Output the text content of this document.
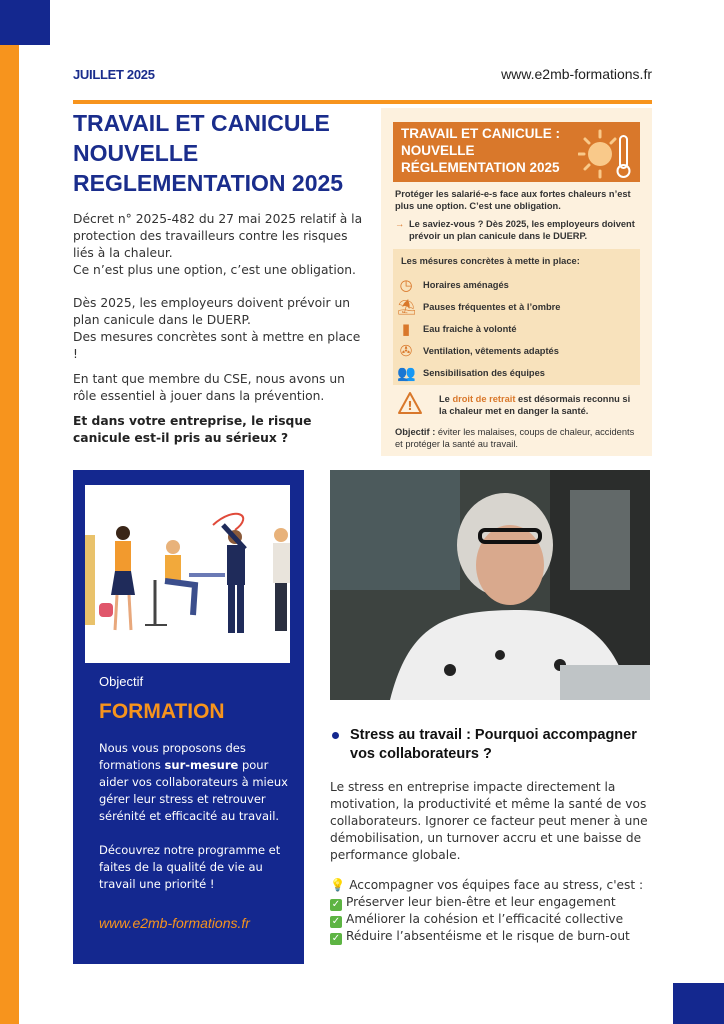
JUILLET 2025	www.e2mb-formations.fr
TRAVAIL ET CANICULE
NOUVELLE
REGLEMENTATION 2025

Décret n° 2025-482 du 27 mai 2025 relatif à la protection des travailleurs contre les risques liés à la chaleur.
Ce n’est plus une option, c’est une obligation.

Dès 2025, les employeurs doivent prévoir un plan canicule dans le DUERP.
Des mesures concrètes sont à mettre en place !

En tant que membre du CSE, nous avons un rôle essentiel à jouer dans la prévention.

Et dans votre entreprise, le risque canicule est-il pris au sérieux ?

TRAVAIL ET CANICULE :
NOUVELLE
RÉGLEMENTATION 2025
Protéger les salarié-e-s face aux fortes chaleurs n’est plus une option. C’est une obligation.
→ Le saviez-vous ? Dès 2025, les employeurs doivent prévoir un plan canicule dans le DUERP.
Les mésures concrètes à mette in place:
◷ Horaires aménagés
⛱ Pauses fréquentes et à l’ombre
▮	Eau fraiche à volonté
✇ Ventilation, vêtements adaptés
👥 Sensibilisation des équipes
!	Le droit de retrait est désormais reconnu si la chaleur met en danger la santé.
Objectif : éviter les malaises, coups de chaleur, accidents et protéger la santé au travail.
Objectif
FORMATION

Nous vous proposons des formations sur-mesure pour aider vos collaborateurs à mieux gérer leur stress et retrouver sérénité et efficacité au travail.

Découvrez notre programme et faites de la qualité de vie au travail une priorité !

www.e2mb-formations.fr
Stress au travail : Pourquoi accompagner vos collaborateurs ?
Le stress en entreprise impacte directement la motivation, la productivité et même la santé de vos collaborateurs. Ignorer ce facteur peut mener à une démobilisation, un turnover accru et une baisse de performance globale.
💡 Accompagner vos équipes face au stress, c'est :
✓ Préserver leur bien-être et leur engagement
✓ Améliorer la cohésion et l’efficacité collective
✓ Réduire l’absentéisme et le risque de burn-out
